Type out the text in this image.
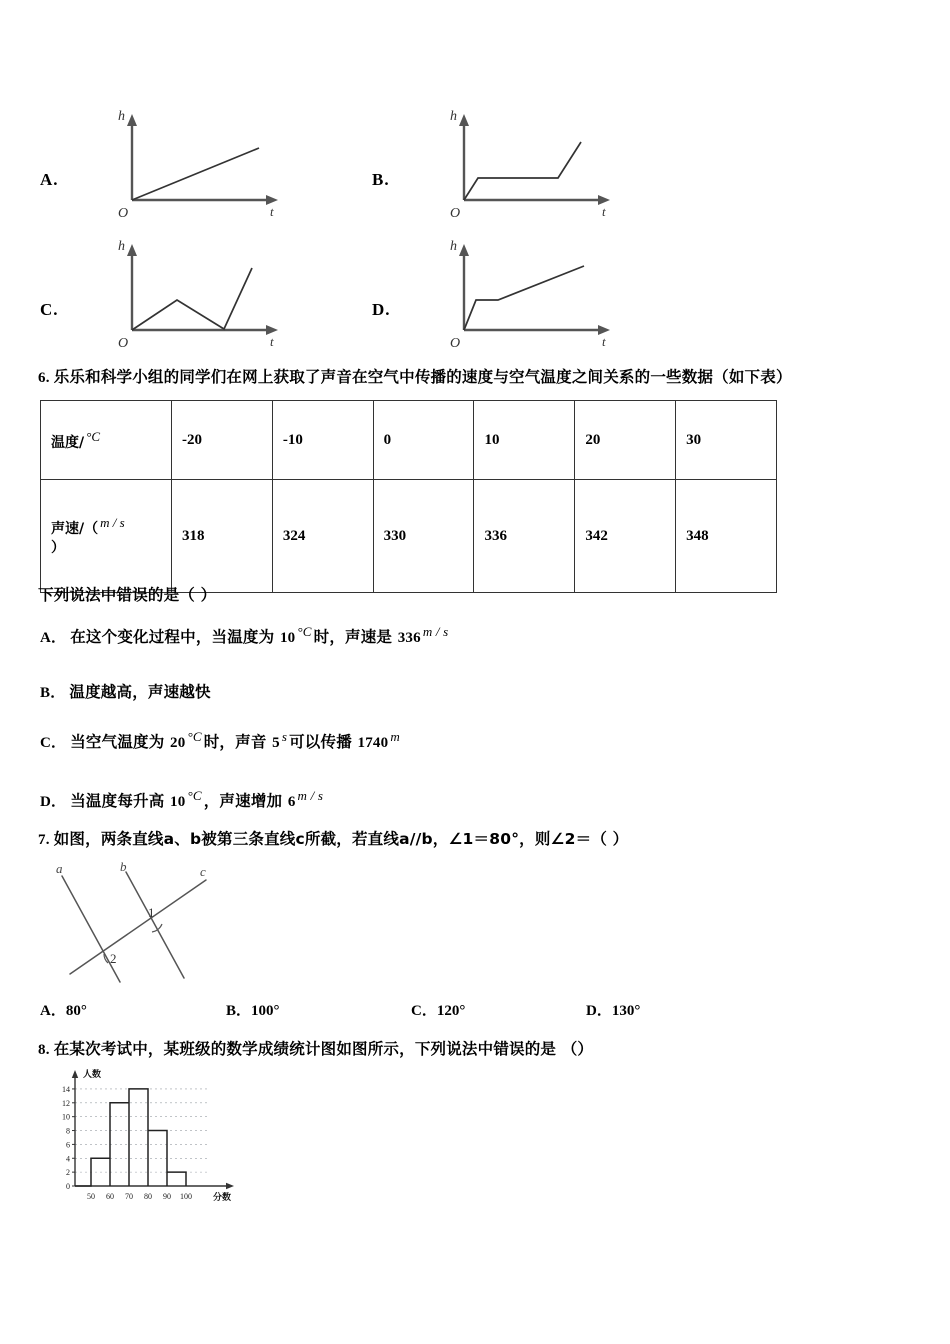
A.
h
O	t
B.
h
O	t
C.
h
O	t
D.
h
O	t
6. 乐乐和科学小组的同学们在网上获取了声音在空气中传播的速度与空气温度之间关系的一些数据（如下表）
温度/ °C	-20	-10	0	10	20	30
声速/（ m / s
）	318	324	330	336	342	348
下列说法中错误的是（ ）
A． 在这个变化过程中，当温度为 10 $^{^\circ C}$ 时，声速是 336 $^{m / s}$
B． 温度越高，声速越快
C． 当空气温度为 20 $^{^\circ C}$ 时，声音 5 $^s$ 可以传播 1740 $^m$
D． 当温度每升高 10 $^{^\circ C}$ ，声速增加 6 $^{m / s}$
7. 如图，两条直线a、b被第三条直线c所截，若直线a//b，∠1＝80°，则∠2＝（ ）
a	b	c
1
2
A．80°	B．100°	C．120°	D．130°
8. 在某次考试中，某班级的数学成绩统计图如图所示，下列说法中错误的是 （）
0
2
4
6
8
10
12
14
50 60 70 80 90 100
人数
分数
